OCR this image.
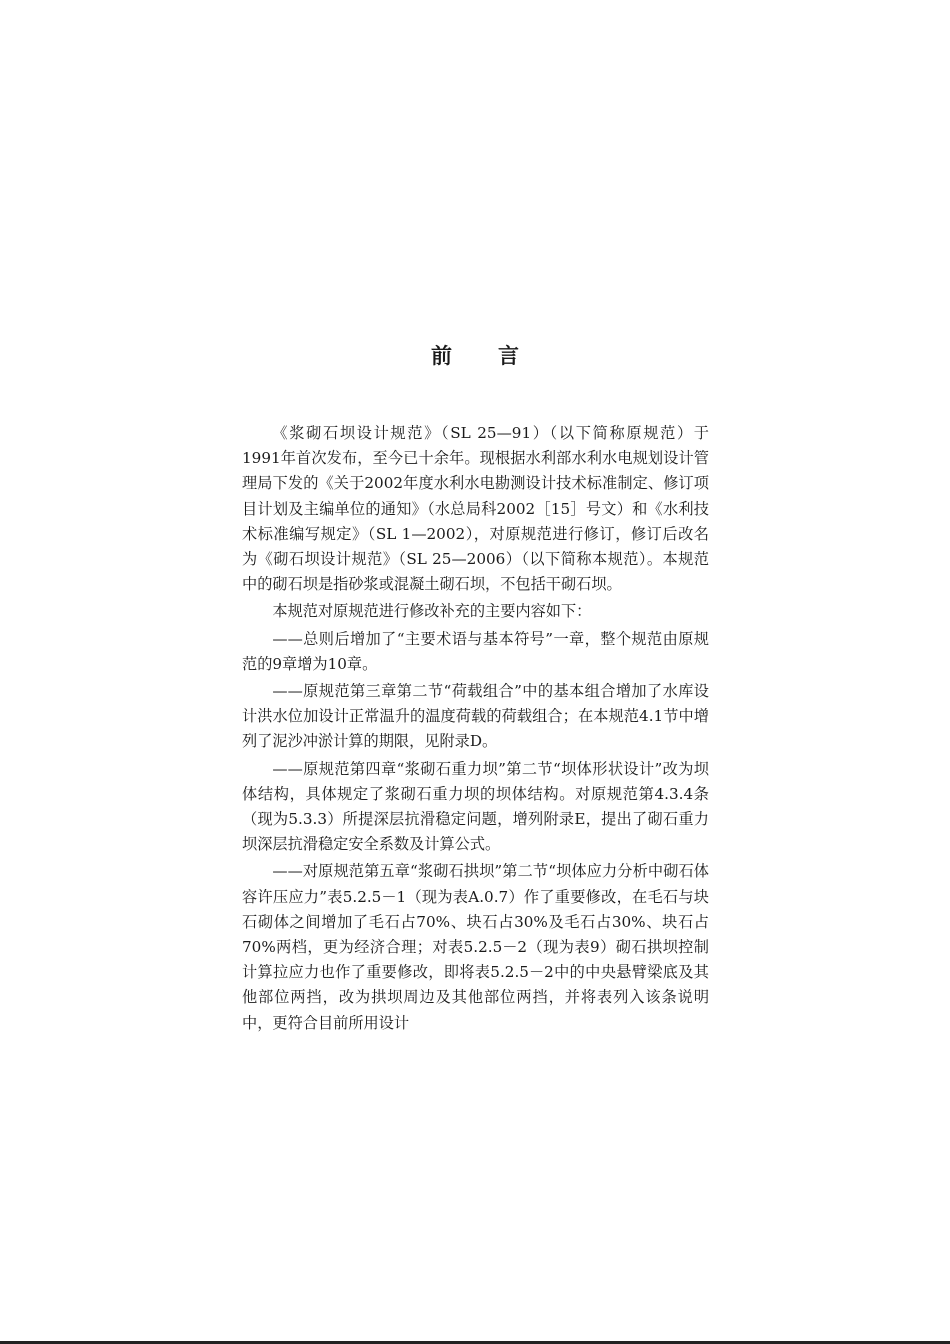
前 言

《浆砌石坝设计规范》（SL 25—91）（以下简称原规范）于1991年首次发布，至今已十余年。现根据水利部水利水电规划设计管理局下发的《关于2002年度水利水电勘测设计技术标准制定、修订项目计划及主编单位的通知》（水总局科2002［15］号文）和《水利技术标准编写规定》（SL 1—2002），对原规范进行修订，修订后改名为《砌石坝设计规范》（SL 25—2006）（以下简称本规范）。本规范中的砌石坝是指砂浆或混凝土砌石坝，不包括干砌石坝。

本规范对原规范进行修改补充的主要内容如下：

——总则后增加了“主要术语与基本符号”一章，整个规范由原规范的9章增为10章。

——原规范第三章第二节“荷载组合”中的基本组合增加了水库设计洪水位加设计正常温升的温度荷载的荷载组合；在本规范4.1节中增列了泥沙冲淤计算的期限，见附录D。

——原规范第四章“浆砌石重力坝”第二节“坝体形状设计”改为坝体结构，具体规定了浆砌石重力坝的坝体结构。对原规范第4.3.4条（现为5.3.3）所提深层抗滑稳定问题，增列附录E，提出了砌石重力坝深层抗滑稳定安全系数及计算公式。

——对原规范第五章“浆砌石拱坝”第二节“坝体应力分析中砌石体容许压应力”表5.2.5－1（现为表A.0.7）作了重要修改，在毛石与块石砌体之间增加了毛石占70%、块石占30%及毛石占30%、块石占70%两档，更为经济合理；对表5.2.5－2（现为表9）砌石拱坝控制计算拉应力也作了重要修改，即将表5.2.5－2中的中央悬臂梁底及其他部位两挡，改为拱坝周边及其他部位两挡，并将表列入该条说明中，更符合目前所用设计
